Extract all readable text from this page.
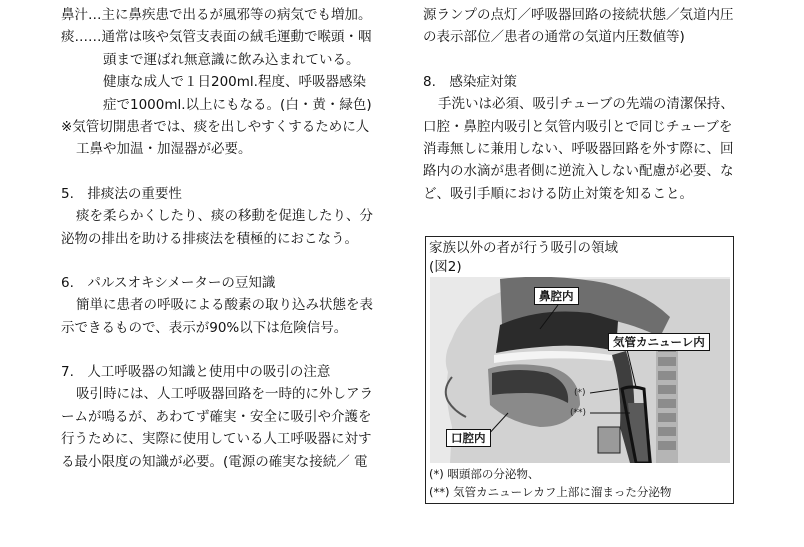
鼻汁…主に鼻疾患で出るが風邪等の病気でも増加。
痰……通常は咳や気管支表面の絨毛運動で喉頭・咽
頭まで運ばれ無意識に飲み込まれている。
健康な成人で１日200ml.程度、呼吸器感染
症で1000ml.以上にもなる。(白・黄・緑色)
※気管切開患者では、痰を出しやすくするために人
工鼻や加温・加湿器が必要。
5.　排痰法の重要性
痰を柔らかくしたり、痰の移動を促進したり、分
泌物の排出を助ける排痰法を積極的におこなう。
6.　パルスオキシメーターの豆知識
簡単に患者の呼吸による酸素の取り込み状態を表
示できるもので、表示が90%以下は危険信号。
7.　人工呼吸器の知識と使用中の吸引の注意
吸引時には、人工呼吸器回路を一時的に外しアラ
ームが鳴るが、あわてず確実・安全に吸引や介護を
行うために、実際に使用している人工呼吸器に対す
る最小限度の知識が必要。(電源の確実な接続／ 電
源ランプの点灯／呼吸器回路の接続状態／気道内圧
の表示部位／患者の通常の気道内圧数値等)
8.　感染症対策
手洗いは必須、吸引チューブの先端の清潔保持、
口腔・鼻腔内吸引と気管内吸引とで同じチューブを
消毒無しに兼用しない、呼吸器回路を外す際に、回
路内の水滴が患者側に逆流入しない配慮が必要、な
ど、吸引手順における防止対策を知ること。
家族以外の者が行う吸引の領域
(図2)
鼻腔内
気管カニューレ内
口腔内
(*)
(**)
(*) 咽頭部の分泌物、
(**) 気管カニューレカフ上部に溜まった分泌物
